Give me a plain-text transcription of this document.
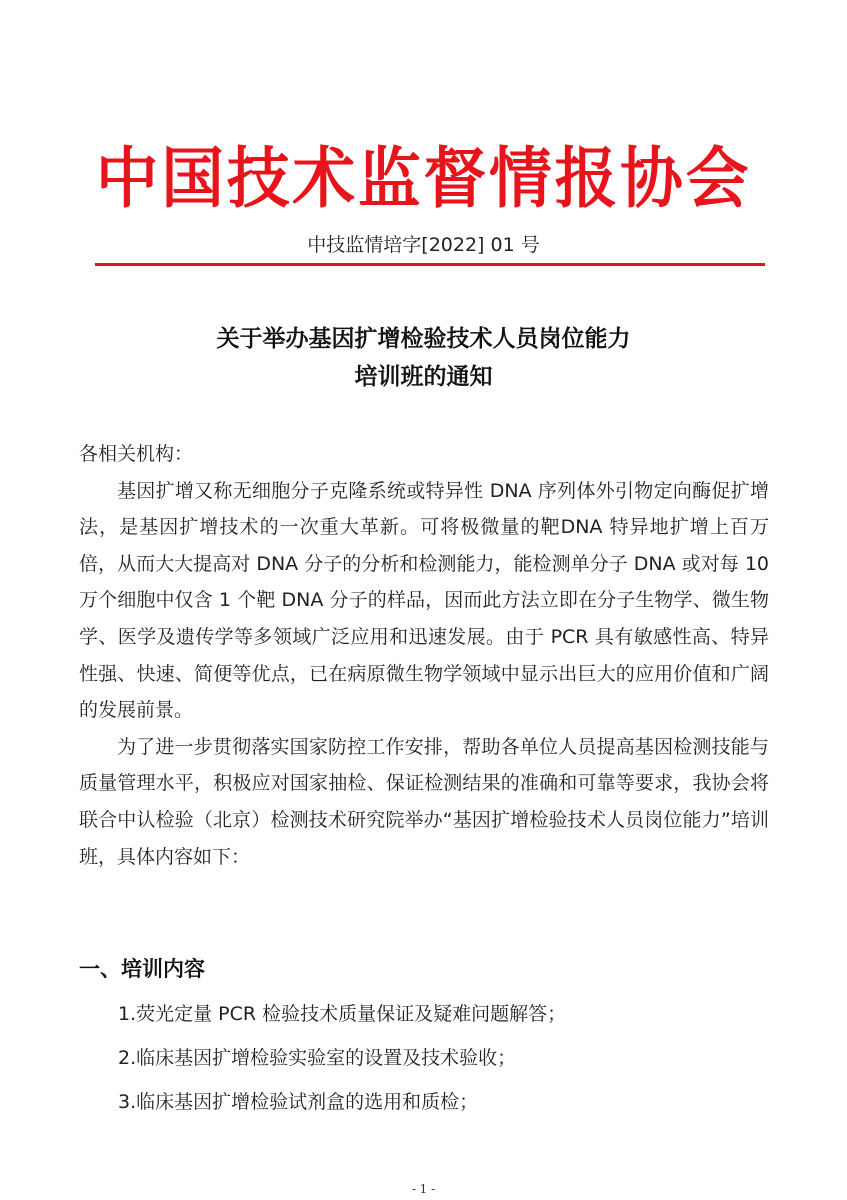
中国技术监督情报协会
中技监情培字[2022] 01 号
关于举办基因扩增检验技术人员岗位能力
培训班的通知

各相关机构：

基因扩增又称无细胞分子克隆系统或特异性 DNA 序列体外引物定向酶促扩增法，是基因扩增技术的一次重大革新。可将极微量的靶DNA 特异地扩增上百万倍，从而大大提高对 DNA 分子的分析和检测能力，能检测单分子 DNA 或对每 10 万个细胞中仅含 1 个靶 DNA 分子的样品，因而此方法立即在分子生物学、微生物学、医学及遗传学等多领域广泛应用和迅速发展。由于 PCR 具有敏感性高、特异性强、快速、简便等优点，已在病原微生物学领域中显示出巨大的应用价值和广阔的发展前景。

为了进一步贯彻落实国家防控工作安排，帮助各单位人员提高基因检测技能与质量管理水平，积极应对国家抽检、保证检测结果的准确和可靠等要求，我协会将联合中认检验（北京）检测技术研究院举办“基因扩增检验技术人员岗位能力”培训班，具体内容如下：

一、培训内容
1.荧光定量 PCR 检验技术质量保证及疑难问题解答；
2.临床基因扩增检验实验室的设置及技术验收；
3.临床基因扩增检验试剂盒的选用和质检；
- 1 -
